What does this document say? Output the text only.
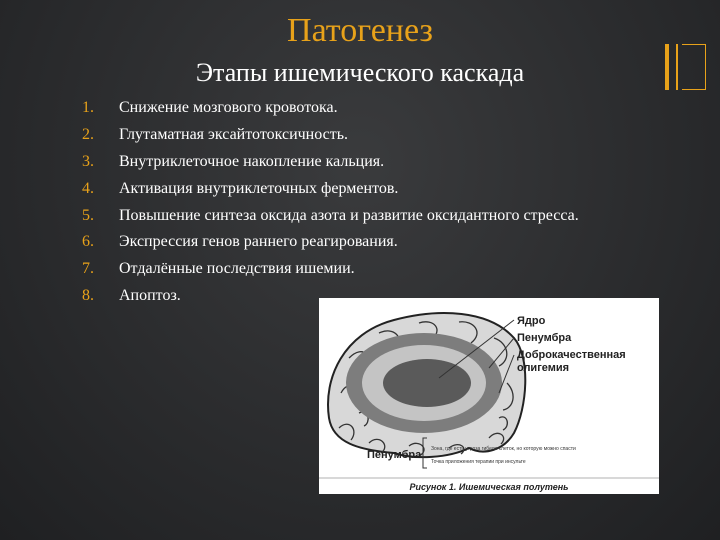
Патогенез
Этапы ишемического каскада
1.	Снижение мозгового кровотока.
2.	Глутаматная эксайтотоксичность.
3.	Внутриклеточное накопление кальция.
4.	Активация внутриклеточных ферментов.
5.	Повышение синтеза оксида азота и развитие оксидантного стресса.
6.	Экспрессия генов раннего реагирования.
7.	Отдалённые последствия ишемии.
8.	Апоптоз.
Ядро
Пенумбра
Доброкачественная
олигемия
Пенумбра Зона, где есть угроза гибели клеток, но которую можно спасти
Точка приложения терапии при инсульте
Рисунок 1. Ишемическая полутень
